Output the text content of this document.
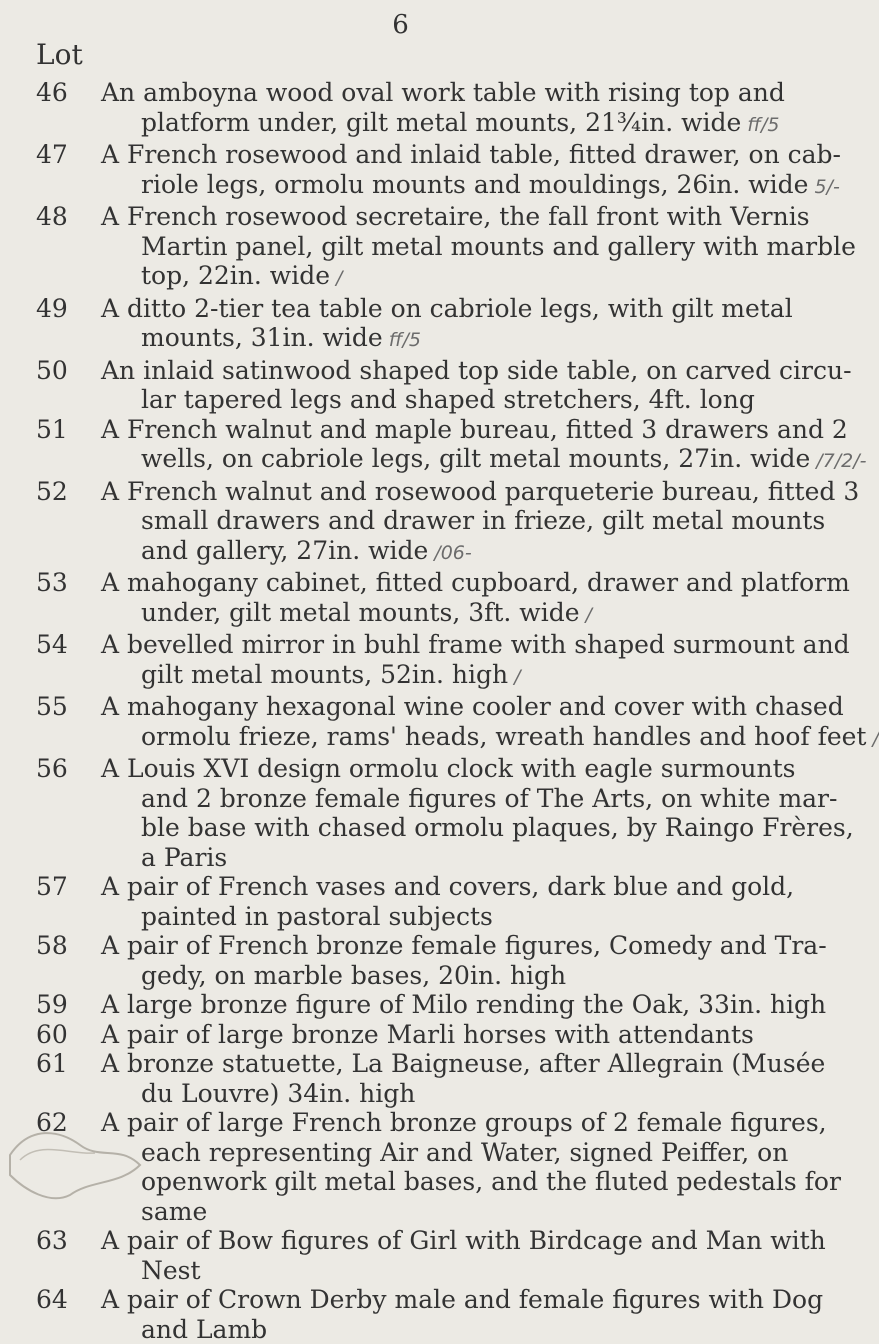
6
Lot
46	An amboyna wood oval work table with rising top and
platform under, gilt metal mounts, 21¾in. wide ff/5
47	A French rosewood and inlaid table, fitted drawer, on cab-
riole legs, ormolu mounts and mouldings, 26in. wide 5/-
48	A French rosewood secretaire, the fall front with Vernis
Martin panel, gilt metal mounts and gallery with marble
top, 22in. wide /
49	A ditto 2-tier tea table on cabriole legs, with gilt metal
mounts, 31in. wide ff/5
50	An inlaid satinwood shaped top side table, on carved circu-
lar tapered legs and shaped stretchers, 4ft. long
51	A French walnut and maple bureau, fitted 3 drawers and 2
wells, on cabriole legs, gilt metal mounts, 27in. wide /7/2/-
52	A French walnut and rosewood parqueterie bureau, fitted 3
small drawers and drawer in frieze, gilt metal mounts
and gallery, 27in. wide /06-
53	A mahogany cabinet, fitted cupboard, drawer and platform
under, gilt metal mounts, 3ft. wide /
54	A bevelled mirror in buhl frame with shaped surmount and
gilt metal mounts, 52in. high /
55	A mahogany hexagonal wine cooler and cover with chased
ormolu frieze, rams' heads, wreath handles and hoof feet /
56	A Louis XVI design ormolu clock with eagle surmounts
and 2 bronze female figures of The Arts, on white mar-
ble base with chased ormolu plaques, by Raingo Frères,
a Paris
57	A pair of French vases and covers, dark blue and gold,
painted in pastoral subjects
58	A pair of French bronze female figures, Comedy and Tra-
gedy, on marble bases, 20in. high
59	A large bronze figure of Milo rending the Oak, 33in. high
60	A pair of large bronze Marli horses with attendants
61	A bronze statuette, La Baigneuse, after Allegrain (Musée
du Louvre) 34in. high
62	A pair of large French bronze groups of 2 female figures,
each representing Air and Water, signed Peiffer, on
openwork gilt metal bases, and the fluted pedestals for
same
63	A pair of Bow figures of Girl with Birdcage and Man with
Nest
64	A pair of Crown Derby male and female figures with Dog
and Lamb
